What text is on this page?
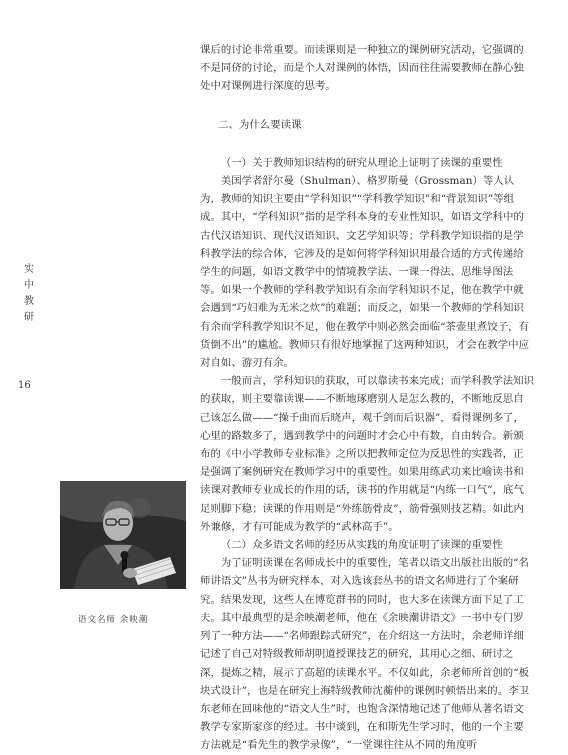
实
中
教
研
16

课后的讨论非常重要。而读课则是一种独立的课例研究活动，它强调的不是同侪的讨论，而是个人对课例的体悟，因而往往需要教师在静心独处中对课例进行深度的思考。

二、为什么要读课

（一）关于教师知识结构的研究从理论上证明了读课的重要性

美国学者舒尔曼（Shulman）、格罗斯曼（Grossman）等人认为，教师的知识主要由“学科知识”“学科教学知识”和“背景知识”等组成。其中，“学科知识”指的是学科本身的专业性知识，如语文学科中的古代汉语知识、现代汉语知识、文艺学知识等；学科教学知识指的是学科教学法的综合体，它涉及的是如何将学科知识用最合适的方式传递给学生的问题，如语文教学中的情境教学法、一课一得法、思维导图法等。如果一个教师的学科教学知识有余而学科知识不足，他在教学中就会遇到“巧妇难为无米之炊”的难题；而反之，如果一个教师的学科知识有余而学科教学知识不足，他在教学中则必然会面临“茶壶里煮饺子，有货倒不出”的尴尬。教师只有很好地掌握了这两种知识，才会在教学中应对自如、游刃有余。

一般而言，学科知识的获取，可以靠读书来完成；而学科教学法知识的获取，则主要靠读课——不断地琢磨别人是怎么教的，不断地反思自己该怎么做——“操千曲而后晓声，观千剑而后识器”，看得课例多了，心里的路数多了，遇到教学中的问题时才会心中有数，自由转合。新颁布的《中小学教师专业标准》之所以把教师定位为反思性的实践者，正是强调了案例研究在教师学习中的重要性。如果用练武功来比喻读书和读课对教师专业成长的作用的话，读书的作用就是“内练一口气”，底气足则脚下稳；读课的作用则是“外练筋骨皮”，筋骨强则技艺精。如此内外兼修，才有可能成为教学的“武林高手”。

（二）众多语文名师的经历从实践的角度证明了读课的重要性

为了证明读课在名师成长中的重要性，笔者以语文出版社出版的“名师讲语文”丛书为研究样本，对入选该套丛书的语文名师进行了个案研究。结果发现，这些人在博览群书的同时，也大多在读课方面下足了工夫。其中最典型的是余映潮老师，他在《余映潮讲语文》一书中专门罗列了一种方法——“名师跟踪式研究”，在介绍这一方法时，余老师详细记述了自己对特级教师胡明道授课技艺的研究，其用心之细、研讨之深，提炼之精，展示了高超的读课水平。不仅如此，余老师所首创的“板块式设计”，也是在研究上海特级教师沈蘅仲的课例时顿悟出来的。李卫东老师在回味他的“语文人生”时，也饱含深情地记述了他师从著名语文教学专家斯家彦的经过。书中谈到，在和斯先生学习时，他的一个主要方法就是“看先生的教学录像”，“一堂课往往从不同的角度听

语文名师 余映潮
